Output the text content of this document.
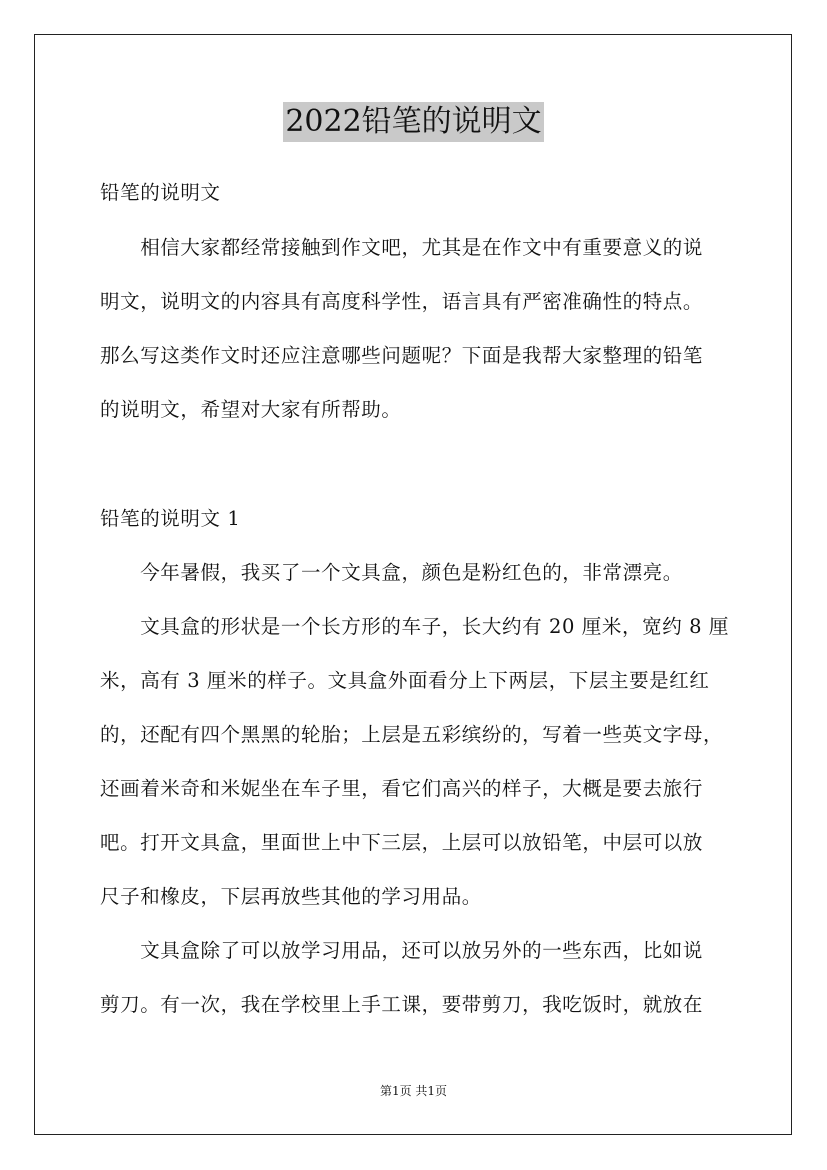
2022铅笔的说明文
铅笔的说明文
　　相信大家都经常接触到作文吧，尤其是在作文中有重要意义的说
明文，说明文的内容具有高度科学性，语言具有严密准确性的特点。
那么写这类作文时还应注意哪些问题呢？下面是我帮大家整理的铅笔
的说明文，希望对大家有所帮助。
铅笔的说明文 1
　　今年暑假，我买了一个文具盒，颜色是粉红色的，非常漂亮。
　　文具盒的形状是一个长方形的车子，长大约有 20 厘米，宽约 8 厘
米，高有 3 厘米的样子。文具盒外面看分上下两层，下层主要是红红
的，还配有四个黑黑的轮胎；上层是五彩缤纷的，写着一些英文字母，
还画着米奇和米妮坐在车子里，看它们高兴的样子，大概是要去旅行
吧。打开文具盒，里面世上中下三层，上层可以放铅笔，中层可以放
尺子和橡皮，下层再放些其他的学习用品。
　　文具盒除了可以放学习用品，还可以放另外的一些东西，比如说
剪刀。有一次，我在学校里上手工课，要带剪刀，我吃饭时，就放在
第1页 共1页
